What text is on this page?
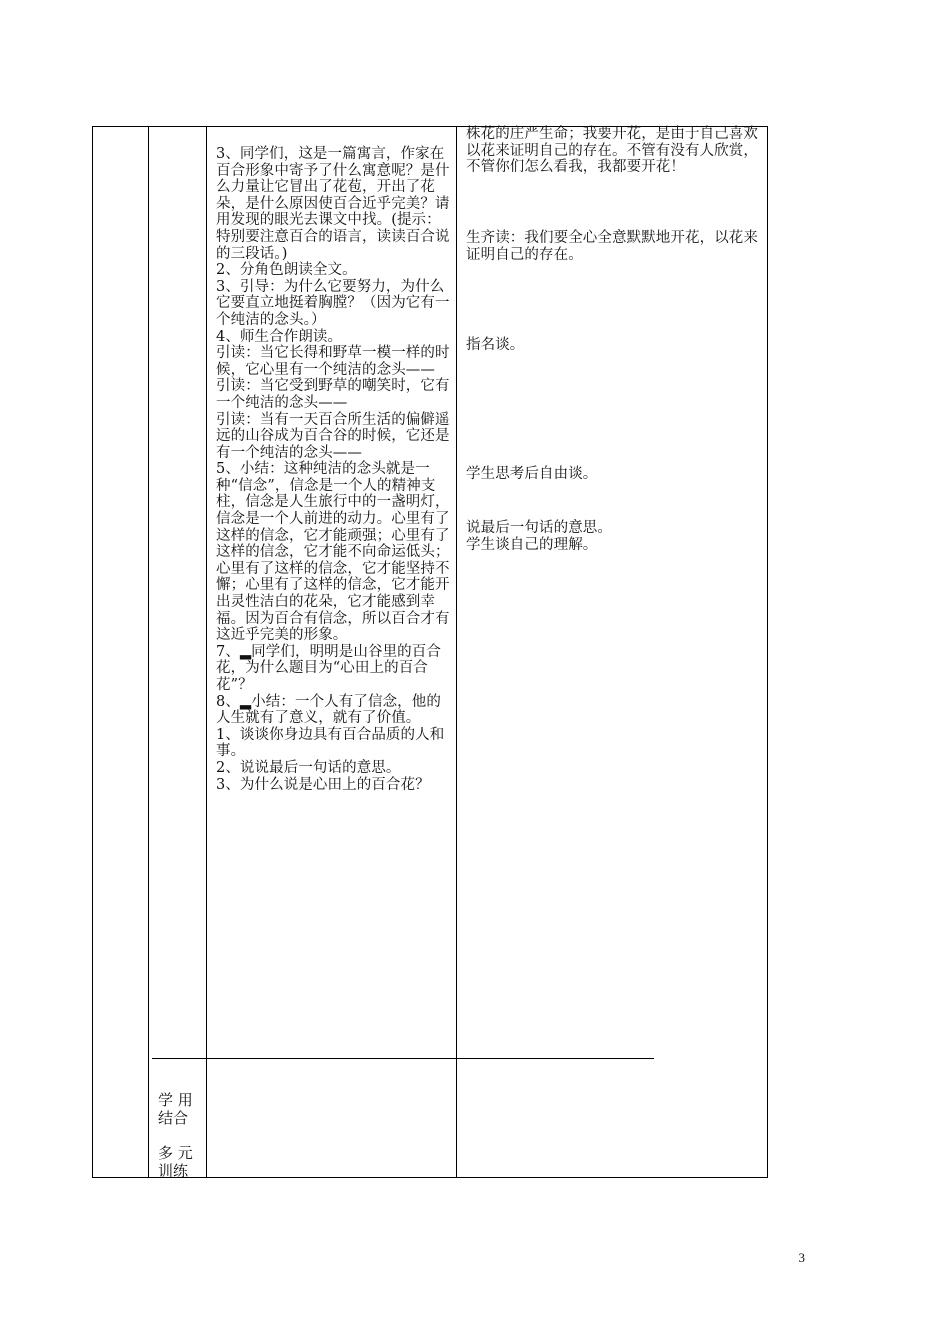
3、同学们，这是一篇寓言，作家在百合形象中寄予了什么寓意呢？是什么力量让它冒出了花苞，开出了花朵，是什么原因使百合近乎完美？请用发现的眼光去课文中找。(提示：特别要注意百合的语言，读读百合说的三段话。)

2、分角色朗读全文。

3、引导：为什么它要努力，为什么它要直立地挺着胸膛？（因为它有一个纯洁的念头。）

4、师生合作朗读。

引读：当它长得和野草一模一样的时候，它心里有一个纯洁的念头——

引读：当它受到野草的嘲笑时，它有一个纯洁的念头——

引读：当有一天百合所生活的偏僻遥远的山谷成为百合谷的时候，它还是有一个纯洁的念头——

5、小结：这种纯洁的念头就是一种“信念”，信念是一个人的精神支柱，信念是人生旅行中的一盏明灯，信念是一个人前进的动力。心里有了这样的信念，它才能顽强；心里有了这样的信念，它才能不向命运低头；心里有了这样的信念，它才能坚持不懈；心里有了这样的信念，它才能开出灵性洁白的花朵，它才能感到幸福。因为百合有信念，所以百合才有这近乎完美的形象。

7、▂同学们，明明是山谷里的百合花，为什么题目为“心田上的百合花”？

8、▂小结：一个人有了信念，他的人生就有了意义，就有了价值。

1、谈谈你身边具有百合品质的人和事。

2、说说最后一句话的意思。

3、为什么说是心田上的百合花？

株花的庄严生命；我要开花，是由于自己喜欢以花来证明自己的存在。不管有没有人欣赏，不管你们怎么看我，我都要开花！

生齐读：我们要全心全意默默地开花，以花来证明自己的存在。

指名谈。

学生思考后自由谈。

说最后一句话的意思。

学生谈自己的理解。

学 用结合

多 元训练

3
